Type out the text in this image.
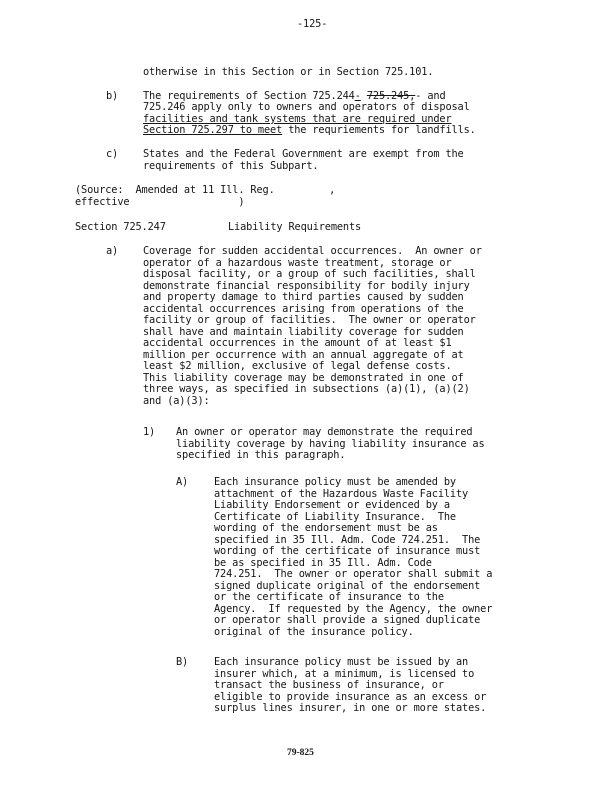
-125-
otherwise in this Section or in Section 725.101.
b) The requirements of Section 725.244- 725.245,- and
725.246 apply only to owners and operators of disposal
facilities and tank systems that are required under
Section 725.297 to meet the requriements for landfills.
c) States and the Federal Government are exempt from the
requirements of this Subpart.
(Source:  Amended at 11 Ill. Reg.         ,
effective                  )
Section 725.247	Liability Requirements
a) Coverage for sudden accidental occurrences.  An owner or
operator of a hazardous waste treatment, storage or
disposal facility, or a group of such facilities, shall
demonstrate financial responsibility for bodily injury
and property damage to third parties caused by sudden
accidental occurrences arising from operations of the
facility or group of facilities.  The owner or operator
shall have and maintain liability coverage for sudden
accidental occurrences in the amount of at least $1
million per occurrence with an annual aggregate of at
least $2 million, exclusive of legal defense costs.
This liability coverage may be demonstrated in one of
three ways, as specified in subsections (a)(1), (a)(2)
and (a)(3):
1) An owner or operator may demonstrate the required
liability coverage by having liability insurance as
specified in this paragraph.
A)	Each insurance policy must be amended by
attachment of the Hazardous Waste Facility
Liability Endorsement or evidenced by a
Certificate of Liability Insurance.  The
wording of the endorsement must be as
specified in 35 Ill. Adm. Code 724.251.  The
wording of the certificate of insurance must
be as specified in 35 Ill. Adm. Code
724.251.  The owner or operator shall submit a
signed duplicate original of the endorsement
or the certificate of insurance to the
Agency.  If requested by the Agency, the owner
or operator shall provide a signed duplicate
original of the insurance policy.
B)	Each insurance policy must be issued by an
insurer which, at a minimum, is licensed to
transact the business of insurance, or
eligible to provide insurance as an excess or
surplus lines insurer, in one or more states.
79-825
